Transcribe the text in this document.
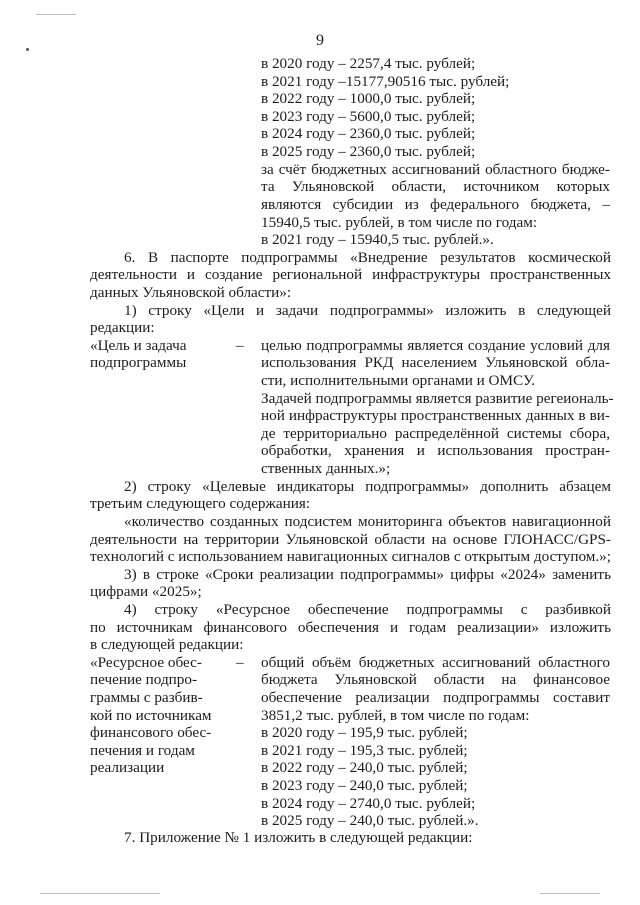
9
в 2020 году – 2257,4 тыс. рублей;
в 2021 году –15177,90516 тыс. рублей;
в 2022 году – 1000,0 тыс. рублей;
в 2023 году – 5600,0 тыс. рублей;
в 2024 году – 2360,0 тыс. рублей;
в 2025 году – 2360,0 тыс. рублей;
за счёт бюджетных ассигнований областного бюдже-
та Ульяновской области, источником которых
являются субсидии из федерального бюджета, –
15940,5 тыс. рублей, в том числе по годам:
в 2021 году – 15940,5 тыс. рублей.».
6. В паспорте подпрограммы «Внедрение результатов космической
деятельности и создание региональной инфраструктуры пространственных
данных Ульяновской области»:
1) строку «Цели и задачи подпрограммы» изложить в следующей
редакции:
«Цель и задача
подпрограммы
– целью подпрограммы является создание условий для
использования РКД населением Ульяновской обла-
сти, исполнительными органами и ОМСУ.
Задачей подпрограммы является развитие регеиональ-
ной инфраструктуры пространственных данных в ви-
де территориально распределённой системы сбора,
обработки, хранения и использования простран-
ственных данных.»;
2) строку «Целевые индикаторы подпрограммы» дополнить абзацем
третьим следующего содержания:
«количество созданных подсистем мониторинга объектов навигационной
деятельности на территории Ульяновской области на основе ГЛОНАСС/GPS-
технологий с использованием навигационных сигналов с открытым доступом.»;
3) в строке «Сроки реализации подпрограммы» цифры «2024» заменить
цифрами «2025»;
4) строку «Ресурсное обеспечение подпрограммы с разбивкой
по источникам финансового обеспечения и годам реализации» изложить
в следующей редакции:
«Ресурсное обес-
печение подпро-
граммы с разбив-
кой по источникам
финансового обес-
печения и годам
реализации
– общий объём бюджетных ассигнований областного
бюджета Ульяновской области на финансовое
обеспечение реализации подпрограммы составит
3851,2 тыс. рублей, в том числе по годам:
в 2020 году – 195,9 тыс. рублей;
в 2021 году – 195,3 тыс. рублей;
в 2022 году – 240,0 тыс. рублей;
в 2023 году – 240,0 тыс. рублей;
в 2024 году – 2740,0 тыс. рублей;
в 2025 году – 240,0 тыс. рублей.».
7. Приложение № 1 изложить в следующей редакции:
